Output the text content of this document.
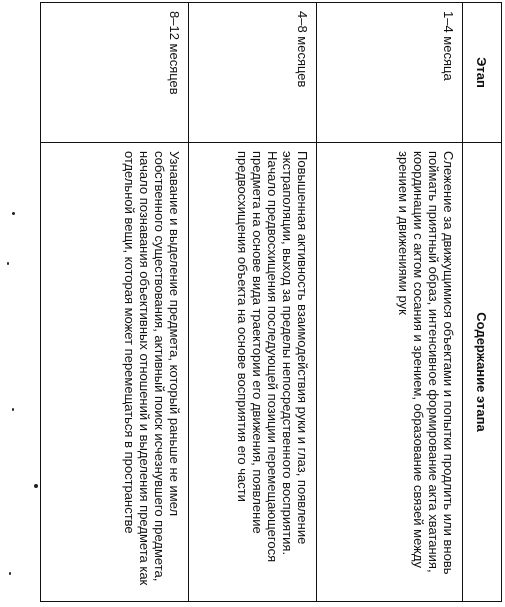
Этап	Содержание этапа
1–4 месяца	Слежение за движущимися объектами и попытки продлить или вновь поймать приятный образ, интенсивное формирование акта хватания, координации с актом сосания и зрением, образование связей между зрением и движениями рук
4–8 месяцев	Повышенная активность взаимодействия руки и глаз, появление экстраполяции, выход за пределы непосредственного восприятия. Начало предвосхищения последующей позиции перемещающегося предмета на основе вида траектории его движения, появление предвосхищения объекта на основе восприятия его части
8–12 месяцев	Узнавание и выделение предмета, который раньше не имел собственного существования, активный поиск исчезнувшего предмета, начало познавания объективных отношений и выделения предмета как отдельной вещи, которая может перемещаться в пространстве
